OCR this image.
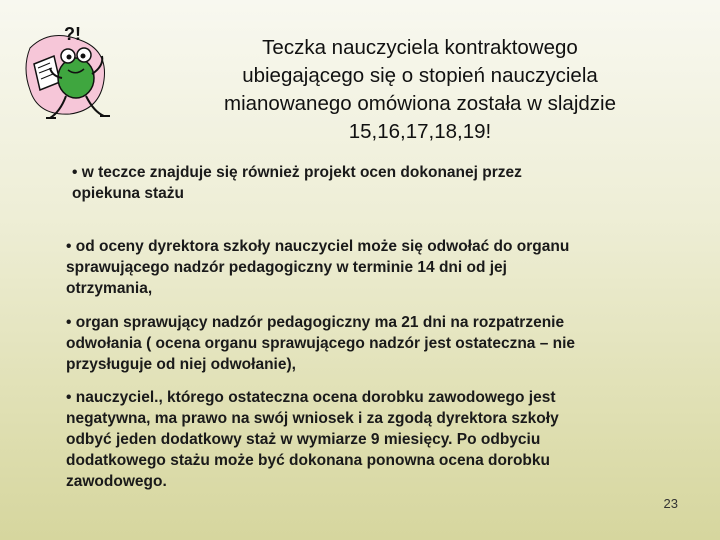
?!
Teczka nauczyciela kontraktowego
ubiegającego się o stopień nauczyciela
mianowanego omówiona została w slajdzie
15,16,17,18,19!

• w teczce znajduje się również projekt ocen dokonanej przez
opiekuna stażu

• od oceny dyrektora szkoły nauczyciel może się odwołać do organu
sprawującego nadzór pedagogiczny w terminie 14 dni od jej
otrzymania,

• organ sprawujący nadzór pedagogiczny ma 21 dni na rozpatrzenie
odwołania ( ocena organu sprawującego nadzór jest ostateczna – nie
przysługuje od niej odwołanie),

• nauczyciel., którego ostateczna ocena dorobku zawodowego jest
negatywna, ma prawo na swój wniosek i za zgodą dyrektora szkoły
odbyć jeden dodatkowy staż w wymiarze 9 miesięcy. Po odbyciu
dodatkowego stażu może być dokonana ponowna ocena dorobku
zawodowego.

23
